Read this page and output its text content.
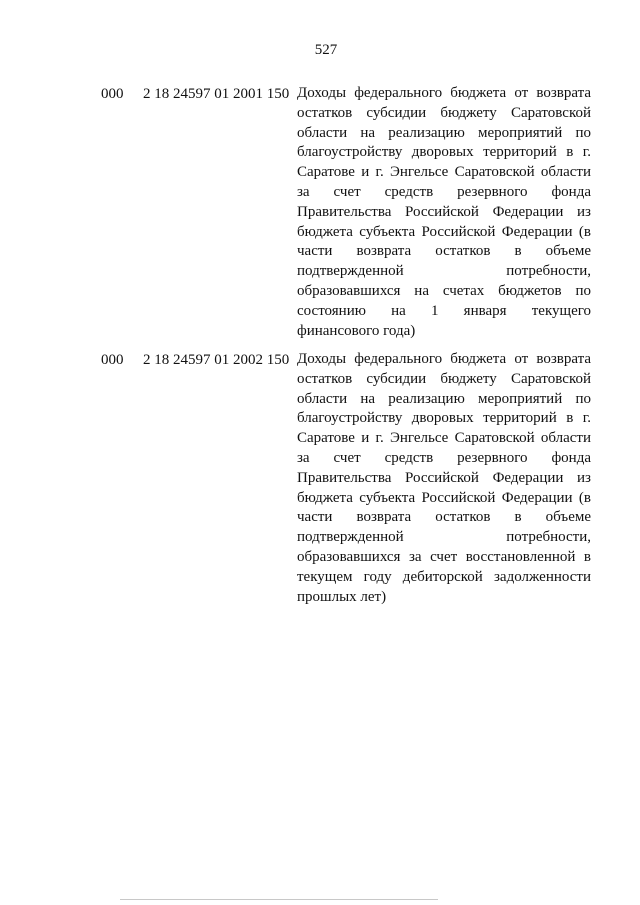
527
000 2 18 24597 01 2001 150 Доходы федерального бюджета от возврата остатков субсидии бюджету Саратовской области на реализацию мероприятий по благоустройству дворовых территорий в г. Саратове и г. Энгельсе Саратовской области за счет средств резервного фонда Правительства Российской Федерации из бюджета субъекта Российской Федерации (в части возврата остатков в объеме подтвержденной потребности, образовавшихся на счетах бюджетов по состоянию на 1 января текущего финансового года)
000 2 18 24597 01 2002 150 Доходы федерального бюджета от возврата остатков субсидии бюджету Саратовской области на реализацию мероприятий по благоустройству дворовых территорий в г. Саратове и г. Энгельсе Саратовской области за счет средств резервного фонда Правительства Российской Федерации из бюджета субъекта Российской Федерации (в части возврата остатков в объеме подтвержденной потребности, образовавшихся за счет восстановленной в текущем году дебиторской задолженности прошлых лет)
